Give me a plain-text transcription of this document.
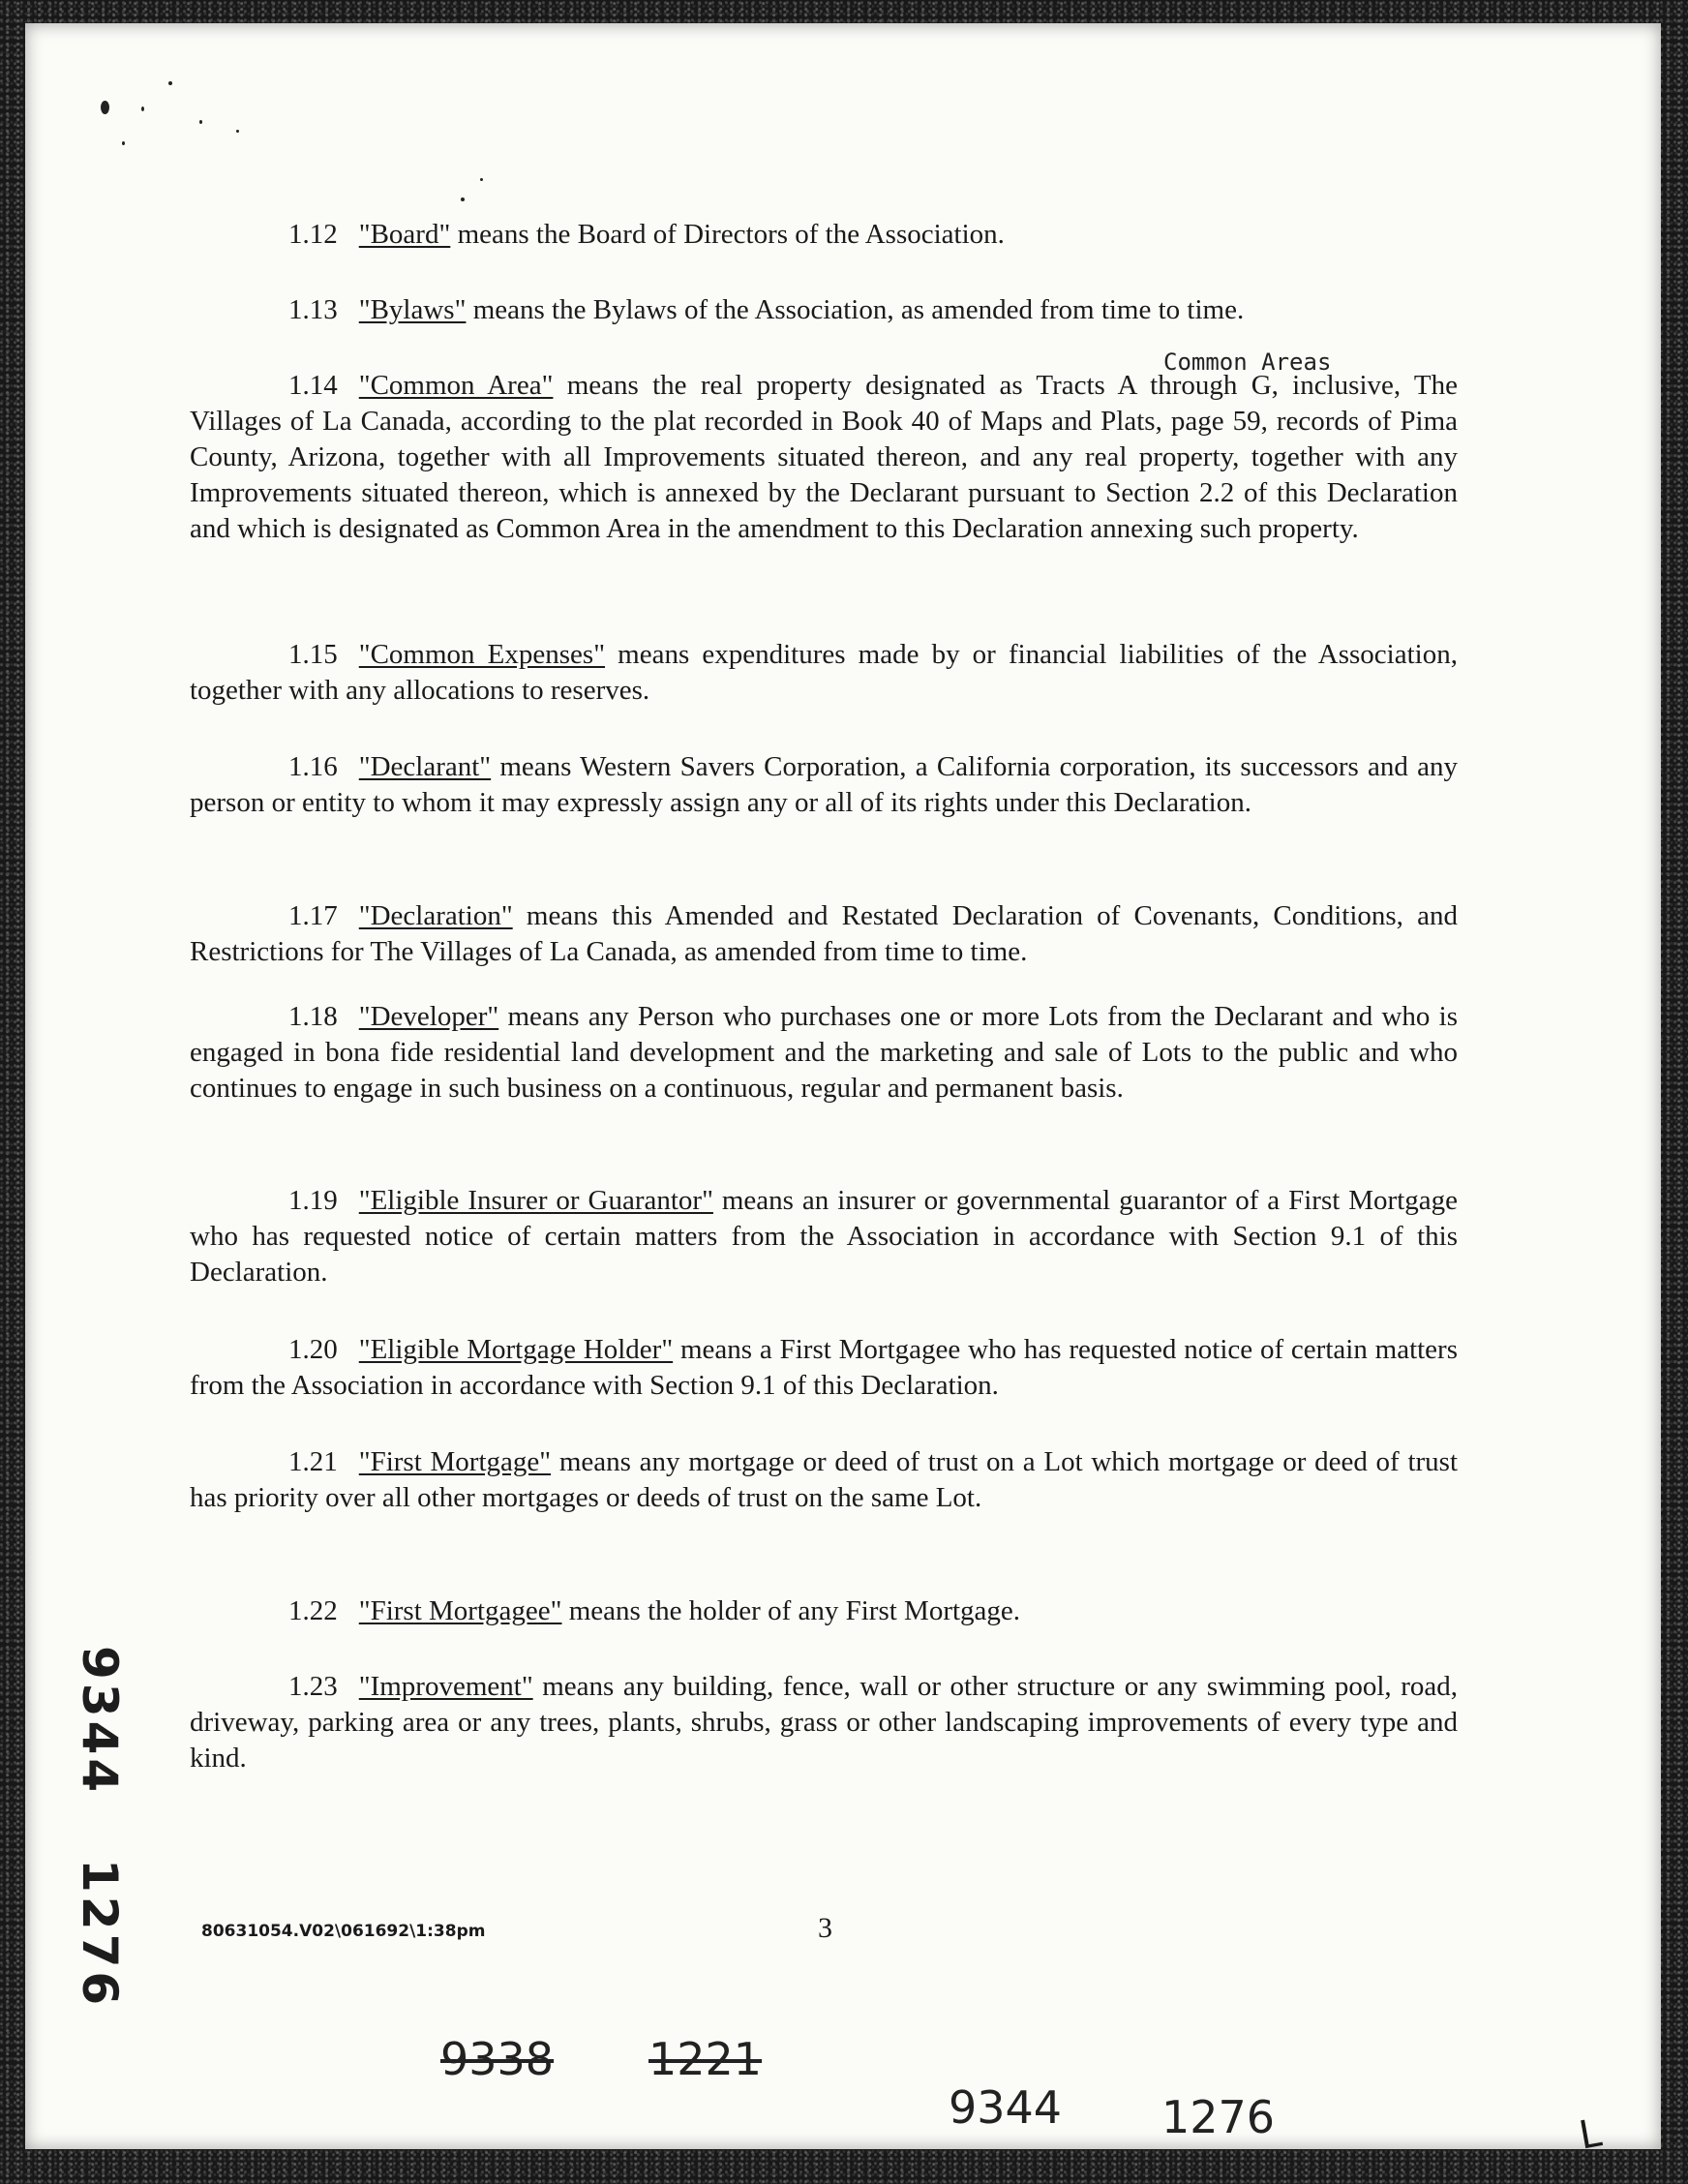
1.12 "Board" means the Board of Directors of the Association.
1.13 "Bylaws" means the Bylaws of the Association, as amended from time to time.
1.14 "Common Area" means the real property designated as Tracts A through G, inclusive, The Villages of La Canada, according to the plat recorded in Book 40 of Maps and Plats, page 59, records of Pima County, Arizona, together with all Improvements situated thereon, and any real property, together with any Improvements situated thereon, which is annexed by the Declarant pursuant to Section 2.2 of this Declaration and which is designated as Common Area in the amendment to this Declaration annexing such property.
1.15 "Common Expenses" means expenditures made by or financial liabilities of the Association, together with any allocations to reserves.
1.16 "Declarant" means Western Savers Corporation, a California corporation, its successors and any person or entity to whom it may expressly assign any or all of its rights under this Declaration.
1.17 "Declaration" means this Amended and Restated Declaration of Covenants, Conditions, and Restrictions for The Villages of La Canada, as amended from time to time.
1.18 "Developer" means any Person who purchases one or more Lots from the Declarant and who is engaged in bona fide residential land development and the marketing and sale of Lots to the public and who continues to engage in such business on a continuous, regular and permanent basis.
1.19 "Eligible Insurer or Guarantor" means an insurer or governmental guarantor of a First Mortgage who has requested notice of certain matters from the Association in accordance with Section 9.1 of this Declaration.
1.20 "Eligible Mortgage Holder" means a First Mortgagee who has requested notice of certain matters from the Association in accordance with Section 9.1 of this Declaration.
1.21 "First Mortgage" means any mortgage or deed of trust on a Lot which mortgage or deed of trust has priority over all other mortgages or deeds of trust on the same Lot.
1.22 "First Mortgagee" means the holder of any First Mortgage.
1.23 "Improvement" means any building, fence, wall or other structure or any swimming pool, road, driveway, parking area or any trees, plants, shrubs, grass or other landscaping improvements of every type and kind.
Common Areas
9344
1276	80631054.V02\061692\1:38pm	3
9338 1221
9344 1276	L
